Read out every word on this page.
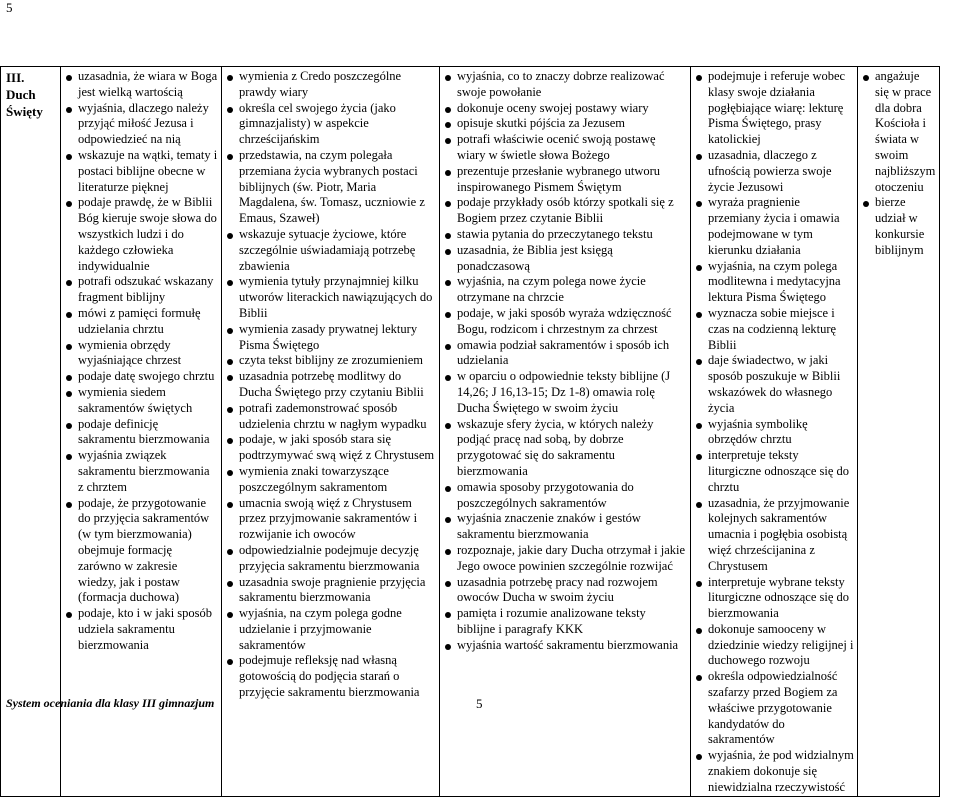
5
III. Duch Święty	
uzasadnia, że wiara w Boga jest wielką wartością
wyjaśnia, dlaczego należy przyjąć miłość Jezusa i odpowiedzieć na nią
wskazuje na wątki, tematy i postaci biblijne obecne w literaturze pięknej
podaje prawdę, że w Biblii Bóg kieruje swoje słowa do wszystkich ludzi i do każdego człowieka indywidualnie
potrafi odszukać wskazany fragment biblijny
mówi z pamięci formułę udzielania chrztu
wymienia obrzędy wyjaśniające chrzest
podaje datę swojego chrztu
wymienia siedem sakramentów świętych
podaje definicję sakramentu bierzmowania
wyjaśnia związek sakramentu bierzmowania z chrztem
podaje, że przygotowanie do przyjęcia sakramentów (w tym bierzmowania) obejmuje formację zarówno w zakresie wiedzy, jak i postaw (formacja duchowa)
podaje, kto i w jaki sposób udziela sakramentu bierzmowania

wymienia z Credo poszczególne prawdy wiary
określa cel swojego życia (jako gimnazjalisty) w aspekcie chrześcijańskim
przedstawia, na czym polegała przemiana życia wybranych postaci biblijnych (św. Piotr, Maria Magdalena, św. Tomasz, uczniowie z Emaus, Szaweł)
wskazuje sytuacje życiowe, które szczególnie uświadamiają potrzebę zbawienia
wymienia tytuły przynajmniej kilku utworów literackich nawiązujących do Biblii
wymienia zasady prywatnej lektury Pisma Świętego
czyta tekst biblijny ze zrozumieniem
uzasadnia potrzebę modlitwy do Ducha Świętego przy czytaniu Biblii
potrafi zademonstrować sposób udzielenia chrztu w nagłym wypadku
podaje, w jaki sposób stara się podtrzymywać swą więź z Chrystusem
wymienia znaki towarzyszące poszczególnym sakramentom
umacnia swoją więź z Chrystusem przez przyjmowanie sakramentów i rozwijanie ich owoców
odpowiedzialnie podejmuje decyzję przyjęcia sakramentu bierzmowania
uzasadnia swoje pragnienie przyjęcia sakramentu bierzmowania
wyjaśnia, na czym polega godne udzielanie i przyjmowanie sakramentów
podejmuje refleksję nad własną gotowością do podjęcia starań o przyjęcie sakramentu bierzmowania

wyjaśnia, co to znaczy dobrze realizować swoje powołanie
dokonuje oceny swojej postawy wiary
opisuje skutki pójścia za Jezusem
potrafi właściwie ocenić swoją postawę wiary w świetle słowa Bożego
prezentuje przesłanie wybranego utworu inspirowanego Pismem Świętym
podaje przykłady osób którzy spotkali się z Bogiem przez czytanie Biblii
stawia pytania do przeczytanego tekstu
uzasadnia, że Biblia jest księgą ponadczasową
wyjaśnia, na czym polega nowe życie otrzymane na chrzcie
podaje, w jaki sposób wyraża wdzięczność Bogu, rodzicom i chrzestnym za chrzest
omawia podział sakramentów i sposób ich udzielania
w oparciu o odpowiednie teksty biblijne (J 14,26; J 16,13-15; Dz 1-8) omawia rolę Ducha Świętego w swoim życiu
wskazuje sfery życia, w których należy podjąć pracę nad sobą, by dobrze przygotować się do sakramentu bierzmowania
omawia sposoby przygotowania do poszczególnych sakramentów
wyjaśnia znaczenie znaków i gestów sakramentu bierzmowania
rozpoznaje, jakie dary Ducha otrzymał i jakie Jego owoce powinien szczególnie rozwijać
uzasadnia potrzebę pracy nad rozwojem owoców Ducha w swoim życiu
pamięta i rozumie analizowane teksty biblijne i paragrafy KKK
wyjaśnia wartość sakramentu bierzmowania

podejmuje i referuje wobec klasy swoje działania pogłębiające wiarę: lekturę Pisma Świętego, prasy katolickiej
uzasadnia, dlaczego z ufnością powierza swoje życie Jezusowi
wyraża pragnienie przemiany życia i omawia podejmowane w tym kierunku działania
wyjaśnia, na czym polega modlitewna i medytacyjna lektura Pisma Świętego
wyznacza sobie miejsce i czas na codzienną lekturę Biblii
daje świadectwo, w jaki sposób poszukuje w Biblii wskazówek do własnego życia
wyjaśnia symbolikę obrzędów chrztu
interpretuje teksty liturgiczne odnoszące się do chrztu
uzasadnia, że przyjmowanie kolejnych sakramentów umacnia i pogłębia osobistą więź chrześcijanina z Chrystusem
interpretuje wybrane teksty liturgiczne odnoszące się do bierzmowania
dokonuje samooceny w dziedzinie wiedzy religijnej i duchowego rozwoju
określa odpowiedzialność szafarzy przed Bogiem za właściwe przygotowanie kandydatów do sakramentów
wyjaśnia, że pod widzialnym znakiem dokonuje się niewidzialna rzeczywistość

angażuje się w prace dla dobra Kościoła i świata w swoim najbliższym otoczeniu
bierze udział w konkursie biblijnym
System oceniania dla klasy III gimnazjum	5
